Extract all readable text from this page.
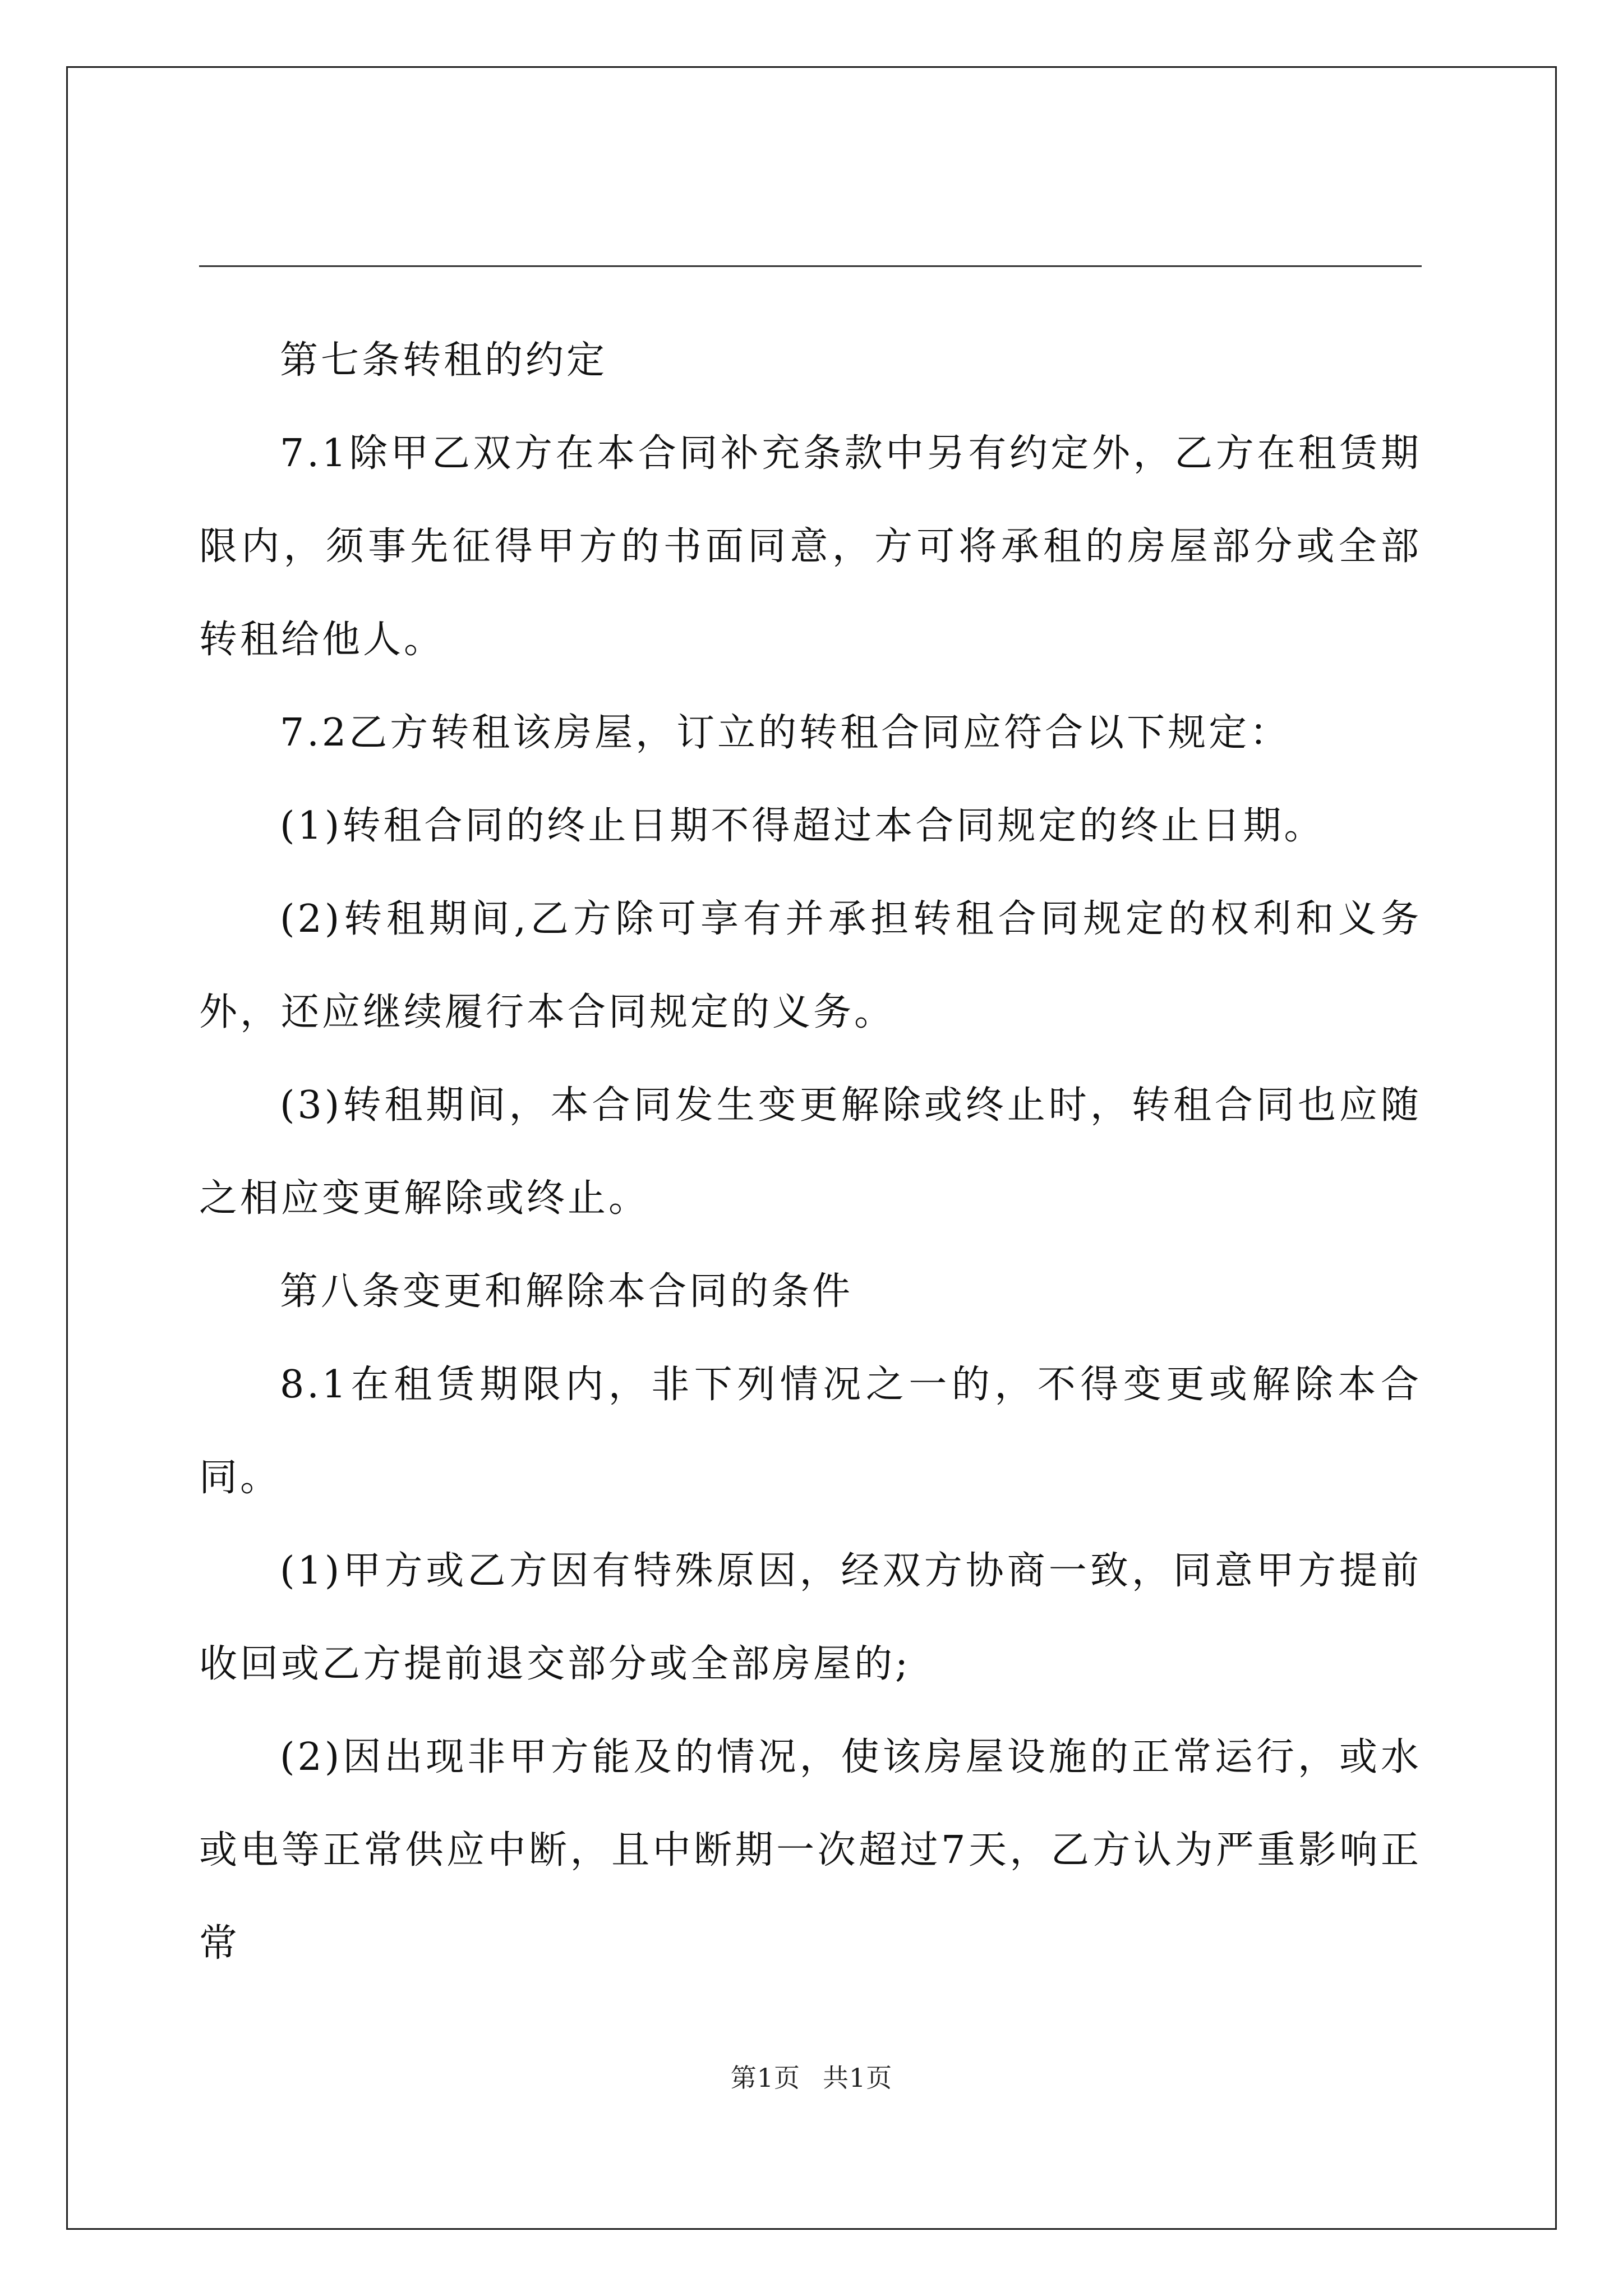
第七条转租的约定

7.1除甲乙双方在本合同补充条款中另有约定外，乙方在租赁期限内，须事先征得甲方的书面同意，方可将承租的房屋部分或全部转租给他人。

7.2乙方转租该房屋，订立的转租合同应符合以下规定：

(1)转租合同的终止日期不得超过本合同规定的终止日期。

(2)转租期间,乙方除可享有并承担转租合同规定的权利和义务外，还应继续履行本合同规定的义务。

(3)转租期间，本合同发生变更解除或终止时，转租合同也应随之相应变更解除或终止。

第八条变更和解除本合同的条件

8.1在租赁期限内，非下列情况之一的，不得变更或解除本合同。

(1)甲方或乙方因有特殊原因，经双方协商一致，同意甲方提前收回或乙方提前退交部分或全部房屋的;

(2)因出现非甲方能及的情况，使该房屋设施的正常运行，或水或电等正常供应中断，且中断期一次超过7天，乙方认为严重影响正常

第1页 共1页
